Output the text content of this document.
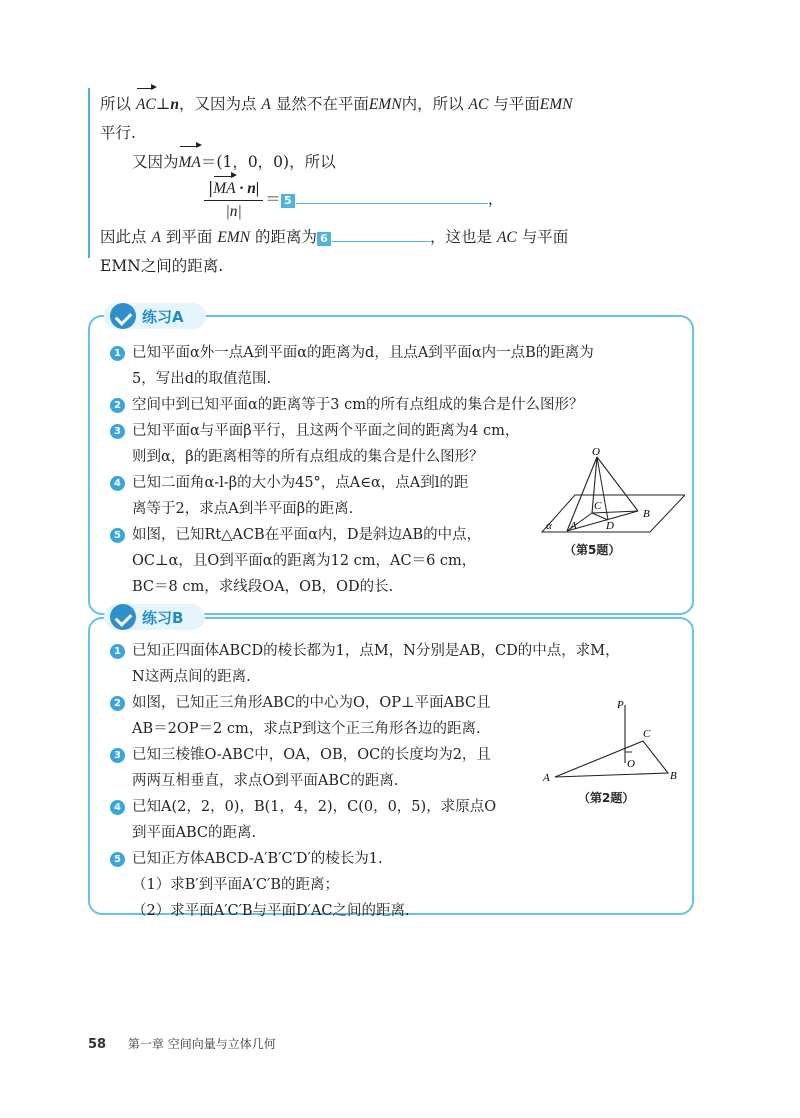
所以 AC⊥n，又因为点 A 显然不在平面EMN内，所以 AC 与平面EMN

平行.

又因为MA＝(1，0，0)，所以

$\frac{|MA \cdot n|}{|n|} = 5$	，

因此点 A 到平面 EMN 的距离为 6	，这也是 AC 与平面

EMN之间的距离.

练习A
1 已知平面α外一点A到平面α的距离为d，且点A到平面α内一点B的距离为
5，写出d的取值范围.
2 空间中到已知平面α的距离等于3 cm的所有点组成的集合是什么图形？
3 已知平面α与平面β平行，且这两个平面之间的距离为4 cm，
则到α，β的距离相等的所有点组成的集合是什么图形？
4 已知二面角α-l-β的大小为45°，点A∈α，点A到l的距
离等于2，求点A到半平面β的距离.
5 如图，已知Rt△ACB在平面α内，D是斜边AB的中点，
OC⊥α，且O到平面α的距离为12 cm，AC＝6 cm，
BC＝8 cm，求线段OA，OB，OD的长.
O
C
B
A	D
α
（第5题）
练习B
1 已知正四面体ABCD的棱长都为1，点M，N分别是AB，CD的中点，求M，
N这两点间的距离.
2 如图，已知正三角形ABC的中心为O，OP⊥平面ABC且
AB＝2OP＝2 cm，求点P到这个正三角形各边的距离.
3 已知三棱锥O-ABC中，OA，OB，OC的长度均为2，且
两两互相垂直，求点O到平面ABC的距离.
4 已知A(2，2，0)，B(1，4，2)，C(0，0，5)，求原点O
到平面ABC的距离.
5 已知正方体ABCD-A′B′C′D′的棱长为1.
（1）求B′到平面A′C′B的距离；
（2）求平面A′C′B与平面D′AC之间的距离.
P
C
O
A	B
（第2题）
58 第一章 空间向量与立体几何
